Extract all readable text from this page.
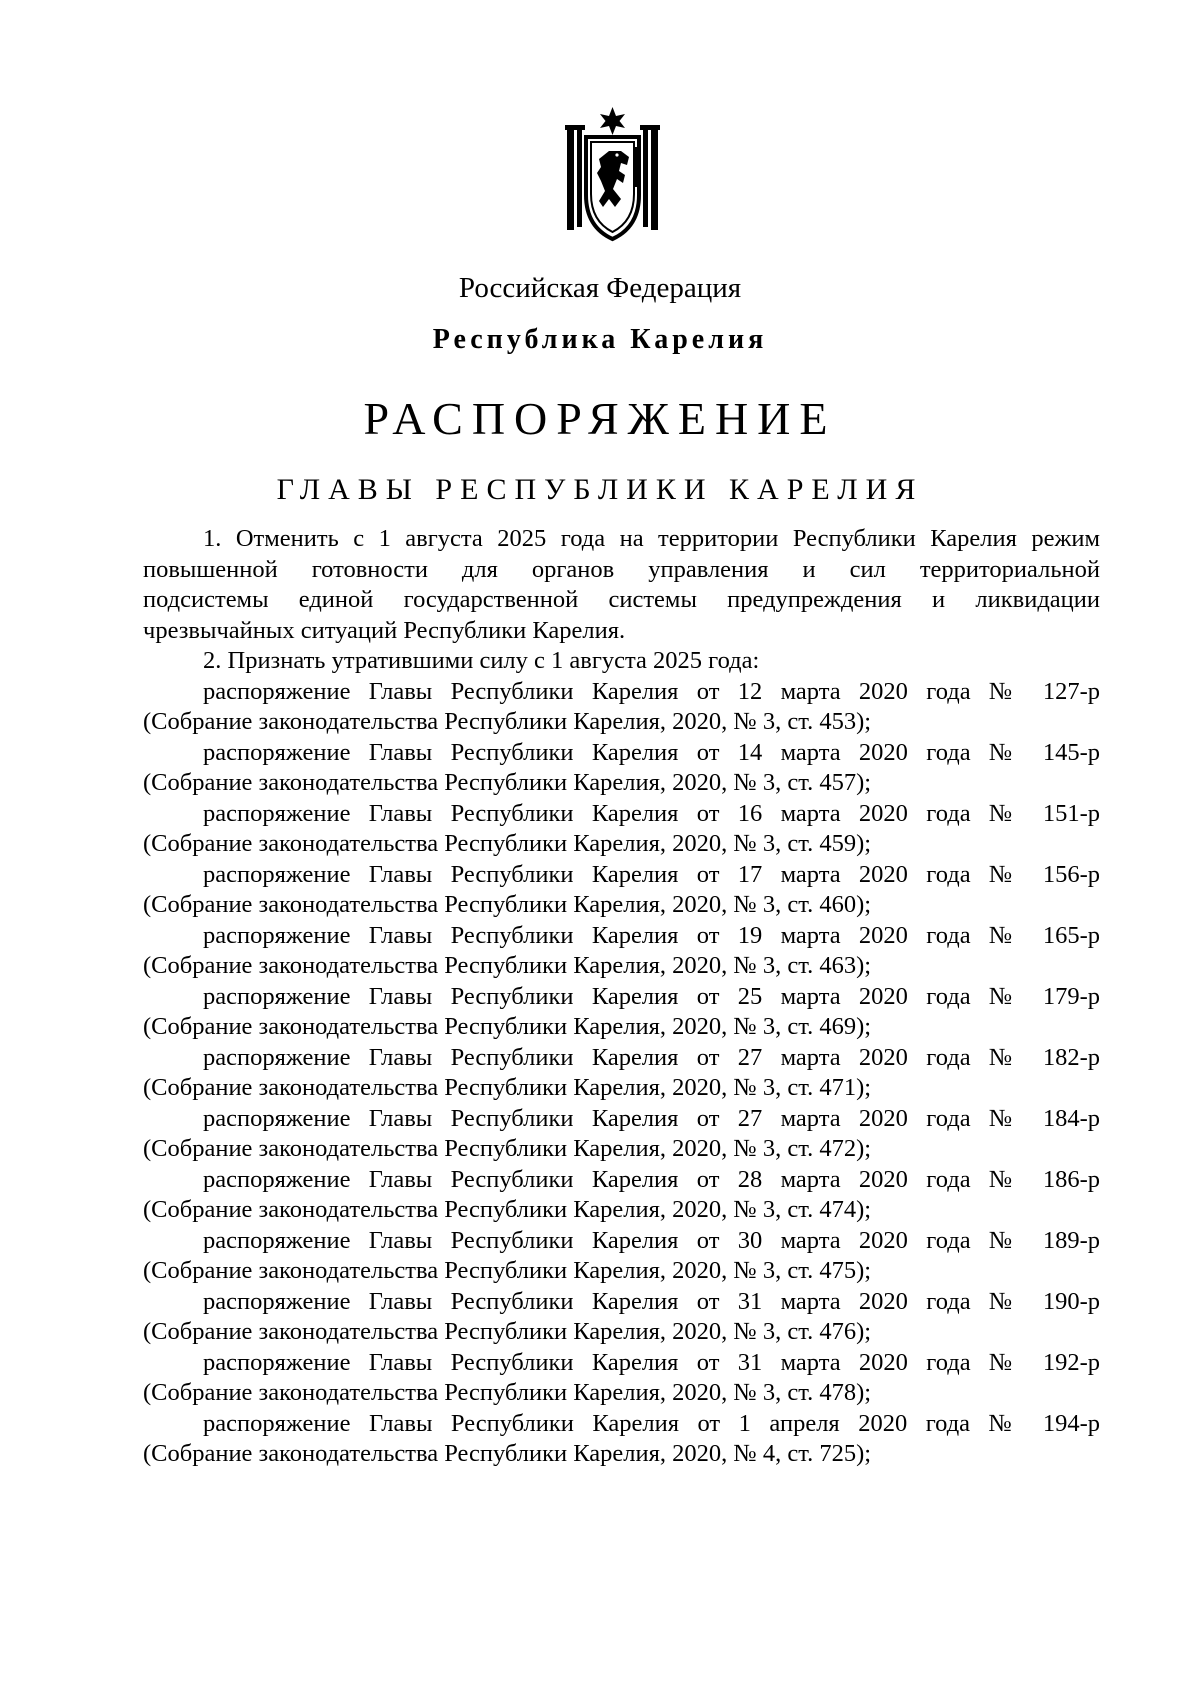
Российская Федерация
Республика Карелия
РАСПОРЯЖЕНИЕ
ГЛАВЫ РЕСПУБЛИКИ КАРЕЛИЯ

1. Отменить с 1 августа 2025 года на территории Республики Карелия режим

повышенной готовности для органов управления и сил территориальной

подсистемы единой государственной системы предупреждения и ликвидации

чрезвычайных ситуаций Республики Карелия.

2. Признать утратившими силу с 1 августа 2025 года:

распоряжение Главы Республики Карелия от 12 марта 2020 года № 127-р

(Собрание законодательства Республики Карелия, 2020, № 3, ст. 453);

распоряжение Главы Республики Карелия от 14 марта 2020 года № 145-р

(Собрание законодательства Республики Карелия, 2020, № 3, ст. 457);

распоряжение Главы Республики Карелия от 16 марта 2020 года № 151-р

(Собрание законодательства Республики Карелия, 2020, № 3, ст. 459);

распоряжение Главы Республики Карелия от 17 марта 2020 года № 156-р

(Собрание законодательства Республики Карелия, 2020, № 3, ст. 460);

распоряжение Главы Республики Карелия от 19 марта 2020 года № 165-р

(Собрание законодательства Республики Карелия, 2020, № 3, ст. 463);

распоряжение Главы Республики Карелия от 25 марта 2020 года № 179-р

(Собрание законодательства Республики Карелия, 2020, № 3, ст. 469);

распоряжение Главы Республики Карелия от 27 марта 2020 года № 182-р

(Собрание законодательства Республики Карелия, 2020, № 3, ст. 471);

распоряжение Главы Республики Карелия от 27 марта 2020 года № 184-р

(Собрание законодательства Республики Карелия, 2020, № 3, ст. 472);

распоряжение Главы Республики Карелия от 28 марта 2020 года № 186-р

(Собрание законодательства Республики Карелия, 2020, № 3, ст. 474);

распоряжение Главы Республики Карелия от 30 марта 2020 года № 189-р

(Собрание законодательства Республики Карелия, 2020, № 3, ст. 475);

распоряжение Главы Республики Карелия от 31 марта 2020 года № 190-р

(Собрание законодательства Республики Карелия, 2020, № 3, ст. 476);

распоряжение Главы Республики Карелия от 31 марта 2020 года № 192-р

(Собрание законодательства Республики Карелия, 2020, № 3, ст. 478);

распоряжение Главы Республики Карелия от 1 апреля 2020 года № 194-р

(Собрание законодательства Республики Карелия, 2020, № 4, ст. 725);
